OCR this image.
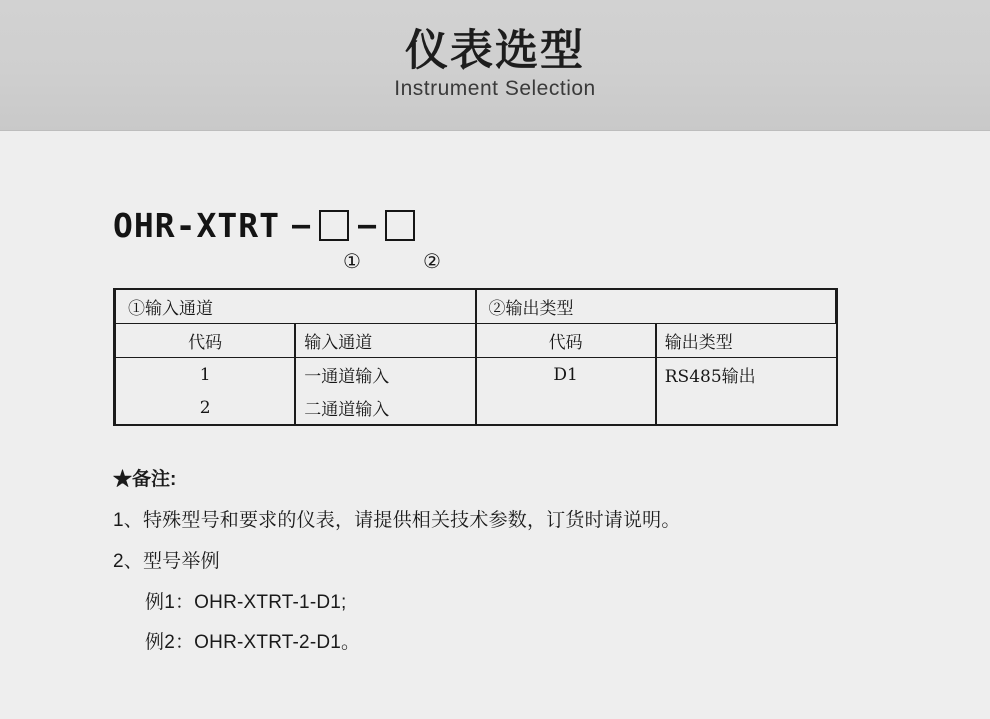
仪表选型
Instrument Selection
OHR-XTRT — —
①	②
①输入通道		②输出类型	
代码	输入通道	代码	输出类型
1	一通道输入	D1	RS485输出
2	二通道输入		
★备注:
1、特殊型号和要求的仪表，请提供相关技术参数，订货时请说明。
2、型号举例
例1：OHR-XTRT-1-D1;
例2：OHR-XTRT-2-D1。
